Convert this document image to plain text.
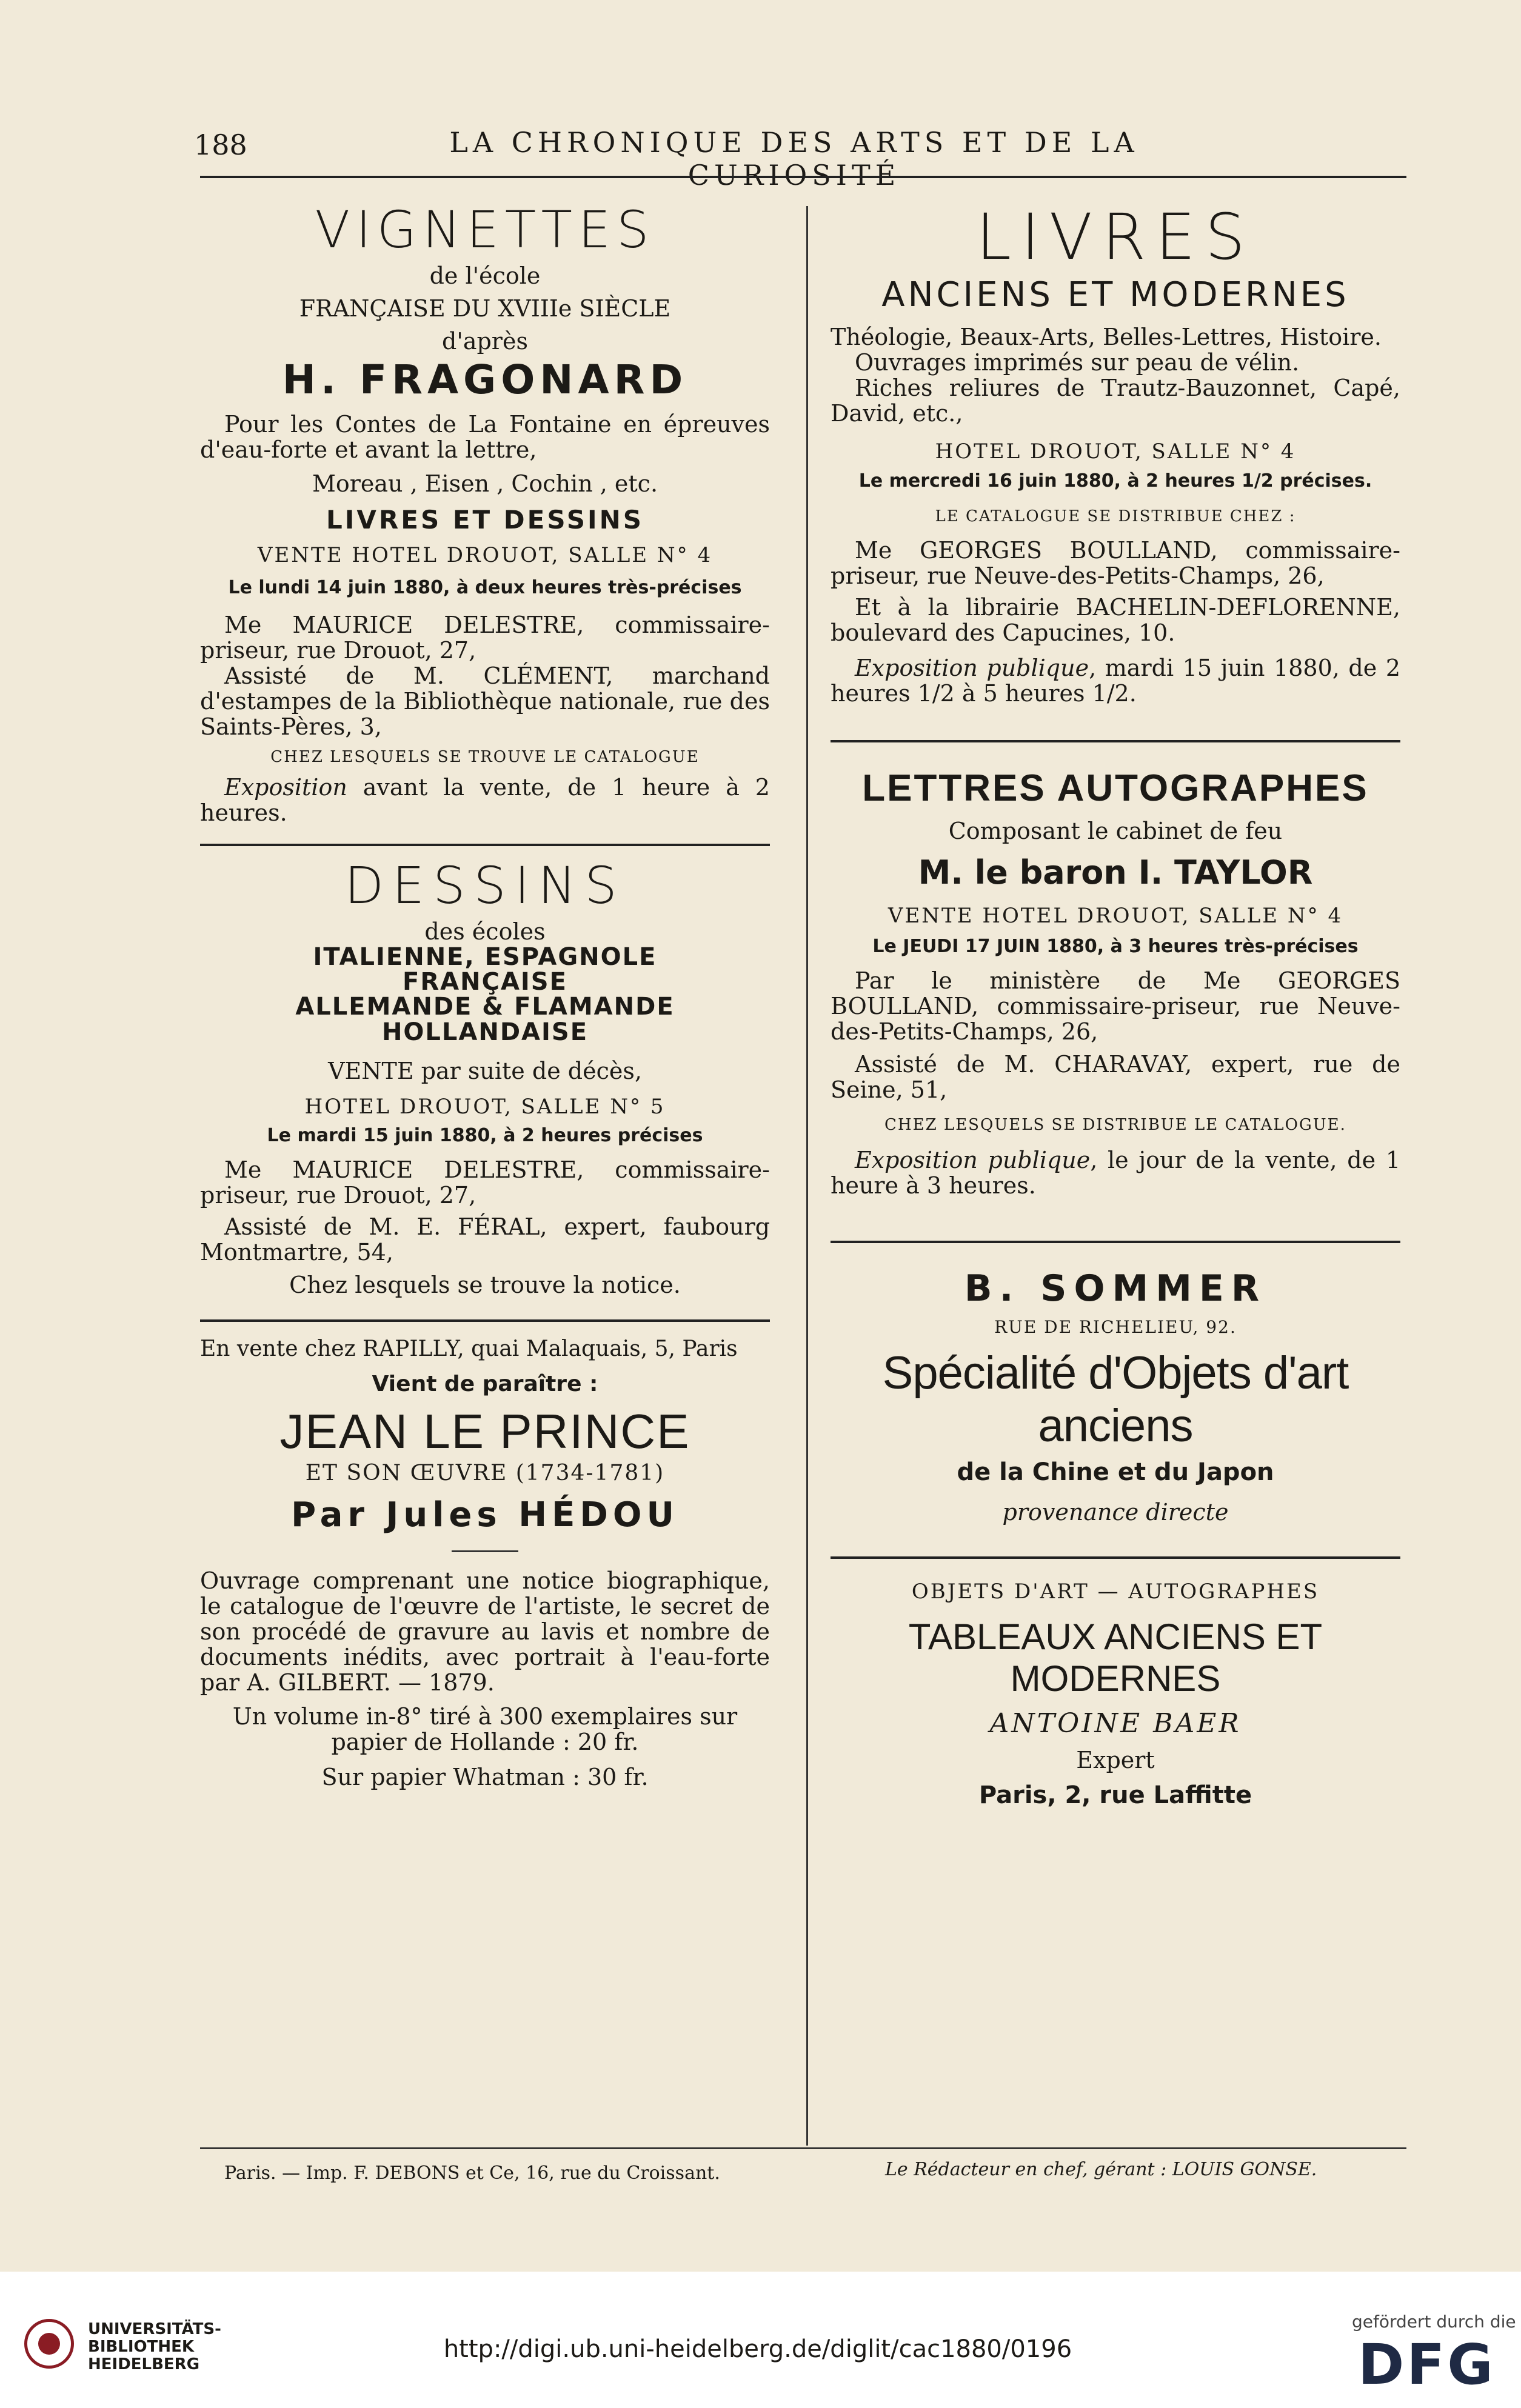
188	LA CHRONIQUE DES ARTS ET DE LA CURIOSITÉ
VIGNETTES
de l'école
FRANÇAISE DU XVIIIe SIÈCLE
d'après
H. FRAGONARD

Pour les Contes de La Fontaine en épreuves d'eau-forte et avant la lettre,

Moreau , Eisen , Cochin , etc.
LIVRES ET DESSINS
VENTE HOTEL DROUOT, SALLE N° 4

Le lundi 14 juin 1880, à deux heures très-précises

Me MAURICE DELESTRE, commissaire-priseur, rue Drouot, 27,

Assisté de M. CLÉMENT, marchand d'estampes de la Bibliothèque nationale, rue des Saints-Pères, 3,

CHEZ LESQUELS SE TROUVE LE CATALOGUE

Exposition avant la vente, de 1 heure à 2 heures.

DESSINS
des écoles
ITALIENNE, ESPAGNOLE
FRANÇAISE
ALLEMANDE & FLAMANDE
HOLLANDAISE
VENTE par suite de décès,
HOTEL DROUOT, SALLE N° 5
Le mardi 15 juin 1880, à 2 heures précises

Me MAURICE DELESTRE, commissaire-priseur, rue Drouot, 27,

Assisté de M. E. FÉRAL, expert, faubourg Montmartre, 54,

Chez lesquels se trouve la notice.

En vente chez RAPILLY, quai Malaquais, 5, Paris
Vient de paraître :
JEAN LE PRINCE
ET SON ŒUVRE (1734-1781)
Par Jules HÉDOU

Ouvrage comprenant une notice biographique, le catalogue de l'œuvre de l'artiste, le secret de son procédé de gravure au lavis et nombre de documents inédits, avec portrait à l'eau-forte par A. GILBERT. — 1879.

Un volume in-8° tiré à 300 exemplaires sur papier de Hollande : 20 fr.

Sur papier Whatman : 30 fr.

LIVRES
ANCIENS ET MODERNES

Théologie, Beaux-Arts, Belles-Lettres, Histoire.

Ouvrages imprimés sur peau de vélin.

Riches reliures de Trautz-Bauzonnet, Capé, David, etc.,

HOTEL DROUOT, SALLE N° 4

Le mercredi 16 juin 1880, à 2 heures 1/2 précises.

LE CATALOGUE SE DISTRIBUE CHEZ :

Me GEORGES BOULLAND, commissaire-priseur, rue Neuve-des-Petits-Champs, 26,

Et à la librairie BACHELIN-DEFLORENNE, boulevard des Capucines, 10.

Exposition publique, mardi 15 juin 1880, de 2 heures 1/2 à 5 heures 1/2.

LETTRES AUTOGRAPHES
Composant le cabinet de feu
M. le baron I. TAYLOR
VENTE HOTEL DROUOT, SALLE N° 4

Le JEUDI 17 JUIN 1880, à 3 heures très-précises

Par le ministère de Me GEORGES BOULLAND, commissaire-priseur, rue Neuve-des-Petits-Champs, 26,

Assisté de M. CHARAVAY, expert, rue de Seine, 51,

CHEZ LESQUELS SE DISTRIBUE LE CATALOGUE.

Exposition publique, le jour de la vente, de 1 heure à 3 heures.

B. SOMMER
RUE DE RICHELIEU, 92.
Spécialité d'Objets d'art anciens
de la Chine et du Japon
provenance directe
OBJETS D'ART — AUTOGRAPHES
TABLEAUX ANCIENS ET MODERNES
ANTOINE BAER
Expert
Paris, 2, rue Laffitte
Paris. — Imp. F. DEBONS et Ce, 16, rue du Croissant.	Le Rédacteur en chef, gérant : LOUIS GONSE.
UNIVERSITÄTS-
BIBLIOTHEK
HEIDELBERG
http://digi.ub.uni-heidelberg.de/diglit/cac1880/0196
gefördert durch die
DFG
